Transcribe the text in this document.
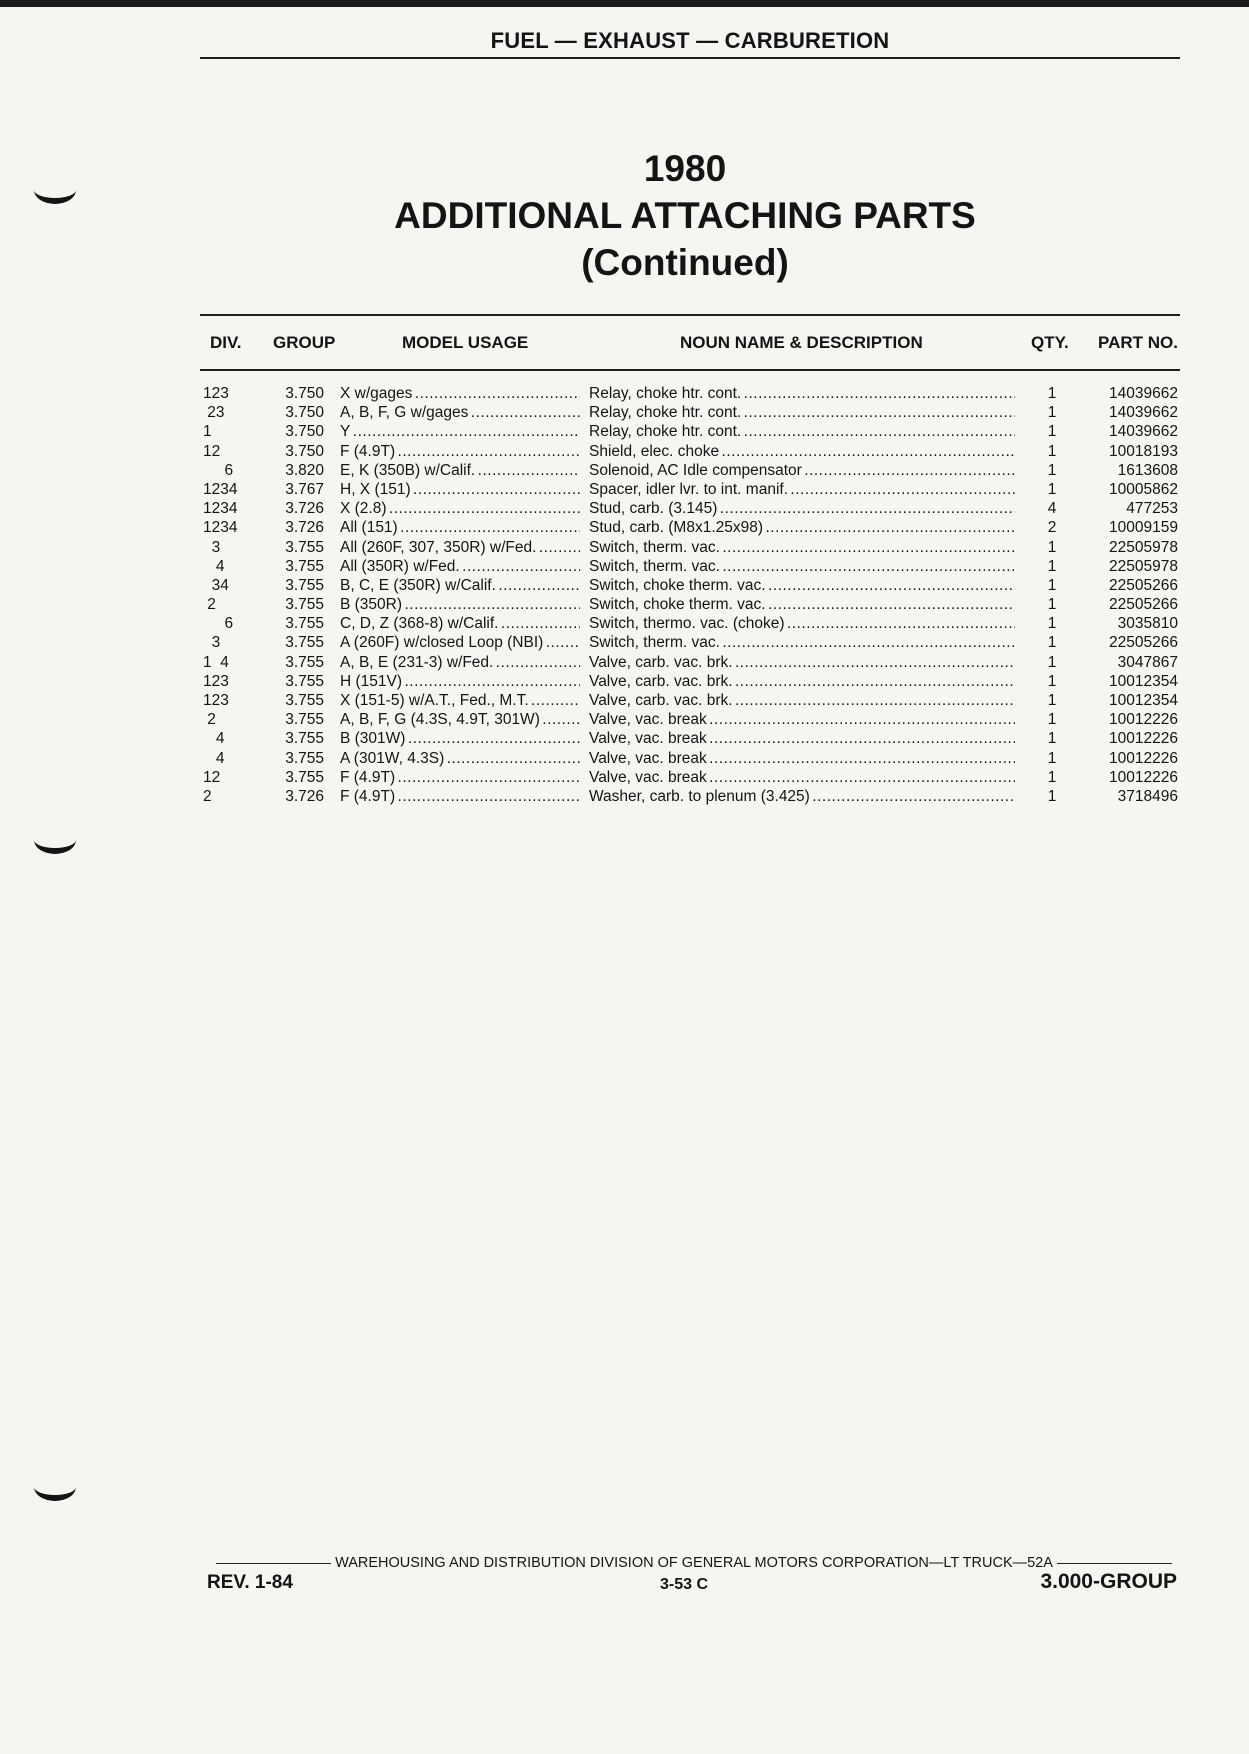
FUEL — EXHAUST — CARBURETION
1980
ADDITIONAL ATTACHING PARTS
(Continued)
DIV. GROUP	MODEL USAGE	NOUN NAME & DESCRIPTION	QTY. PART NO.
123	3.750 X w/gages . . .	Relay, choke htr. cont. . . .	1	14039662
23	3.750 A, B, F, G w/gages . . .	Relay, choke htr. cont. . . .	1	14039662
1	3.750 Y . . .	Relay, choke htr. cont. . . .	1	14039662
12	3.750 F (4.9T) . . .	Shield, elec. choke . . .	1	10018193
6	3.820 E, K (350B) w/Calif. . . .	Solenoid, AC Idle compensator . . .	1	1613608
1234	3.767 H, X (151) . . .	Spacer, idler lvr. to int. manif. . . .	1	10005862
1234	3.726 X (2.8) . . .	Stud, carb. (3.145) . . .	4	477253
1234	3.726 All (151) . . .	Stud, carb. (M8x1.25x98) . . .	2	10009159
3	3.755 All (260F, 307, 350R) w/Fed. . . .	Switch, therm. vac. . . .	1	22505978
4	3.755 All (350R) w/Fed. . . .	Switch, therm. vac. . . .	1	22505978
34	3.755 B, C, E (350R) w/Calif. . . .	Switch, choke therm. vac. . . .	1	22505266
2	3.755 B (350R) . . .	Switch, choke therm. vac. . . .	1	22505266
6	3.755 C, D, Z (368-8) w/Calif. . . .	Switch, thermo. vac. (choke) . . .	1	3035810
3	3.755 A (260F) w/closed Loop (NBI) . . .	Switch, therm. vac. . . .	1	22505266
1  4	3.755 A, B, E (231-3) w/Fed. . . .	Valve, carb. vac. brk. . . .	1	3047867
123	3.755 H (151V) . . .	Valve, carb. vac. brk. . . .	1	10012354
123	3.755 X (151-5) w/A.T., Fed., M.T. . . .	Valve, carb. vac. brk. . . .	1	10012354
2	3.755 A, B, F, G (4.3S, 4.9T, 301W) . . .	Valve, vac. break . . .	1	10012226
4	3.755 B (301W) . . .	Valve, vac. break . . .	1	10012226
4	3.755 A (301W, 4.3S) . . .	Valve, vac. break . . .	1	10012226
12	3.755 F (4.9T) . . .	Valve, vac. break . . .	1	10012226
2	3.726 F (4.9T) . . .	Washer, carb. to plenum (3.425) . . .	1	3718496
WAREHOUSING AND DISTRIBUTION DIVISION OF GENERAL MOTORS CORPORATION—LT TRUCK—52A
REV. 1-84	3-53 C	3.000-GROUP
